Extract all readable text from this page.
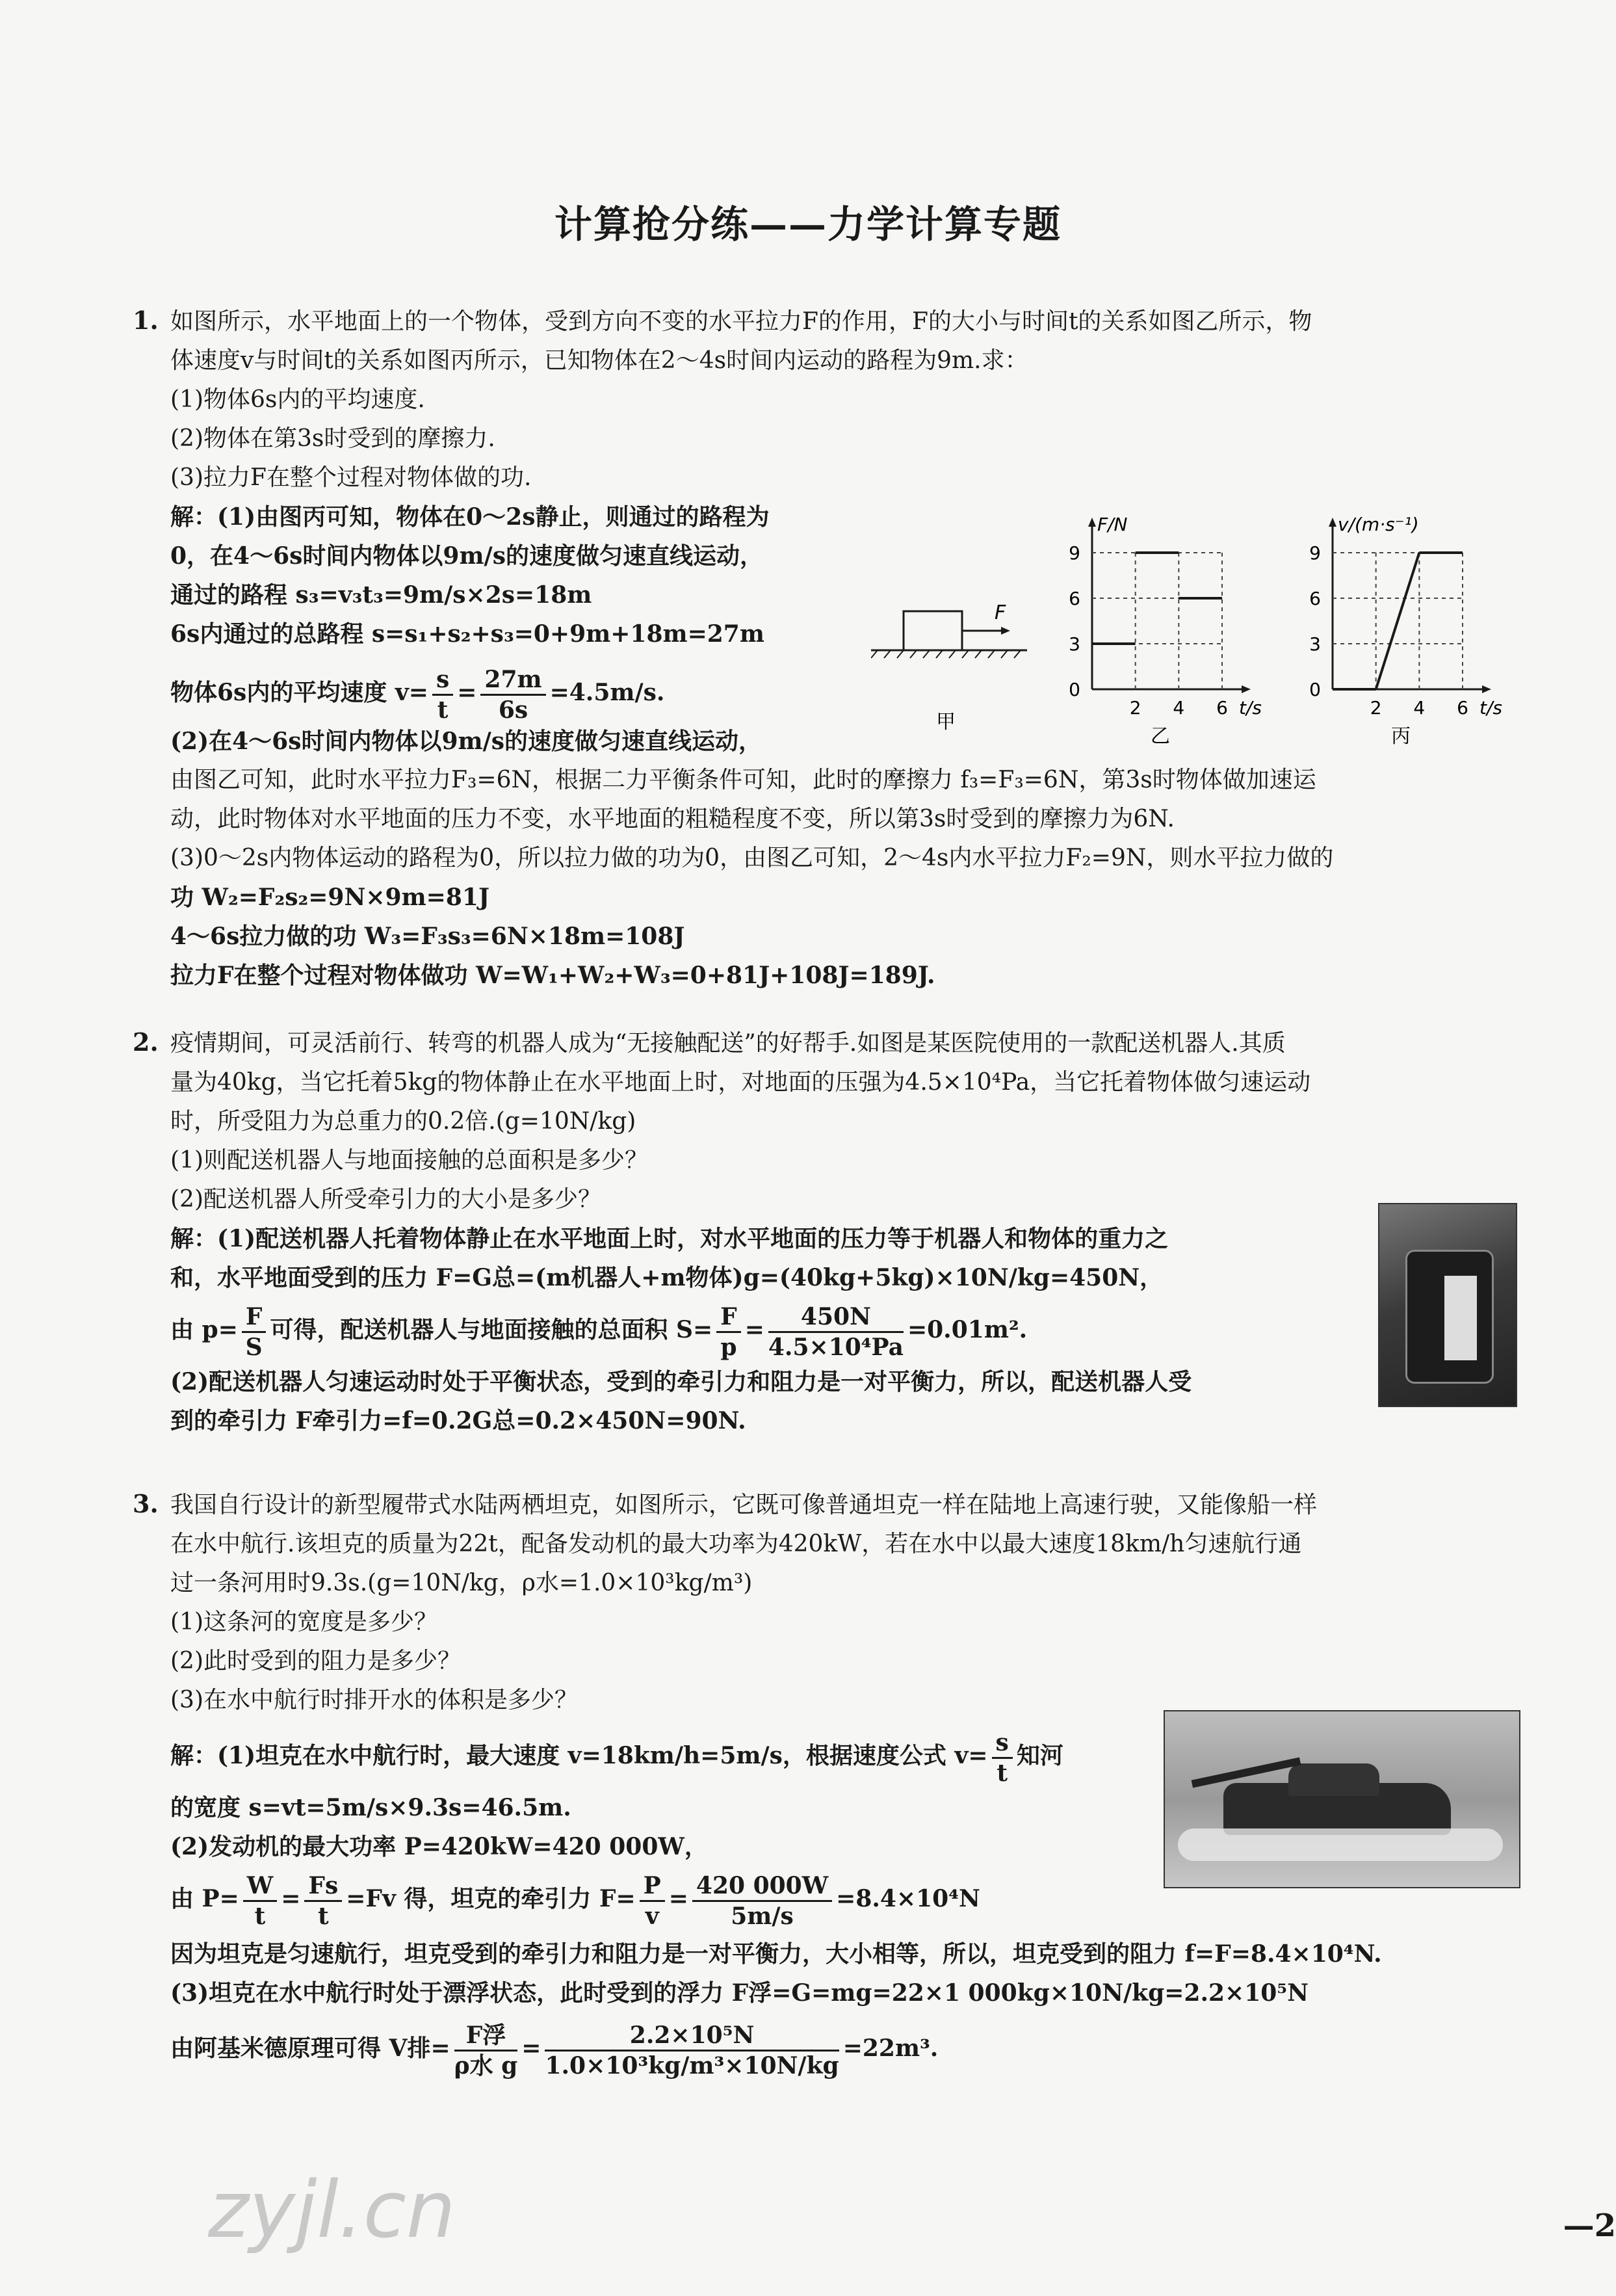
计算抢分练——力学计算专题
1. 如图所示，水平地面上的一个物体，受到方向不变的水平拉力F的作用，F的大小与时间t的关系如图乙所示，物
体速度v与时间t的关系如图丙所示，已知物体在2～4s时间内运动的路程为9m.求：
(1)物体6s内的平均速度.
(2)物体在第3s时受到的摩擦力.
(3)拉力F在整个过程对物体做的功.
解：(1)由图丙可知，物体在0～2s静止，则通过的路程为
0，在4～6s时间内物体以9m/s的速度做匀速直线运动，
通过的路程 s₃=v₃t₃=9m/s×2s=18m
6s内通过的总路程 s=s₁+s₂+s₃=0+9m+18m=27m
物体6s内的平均速度 $v= \frac{s}{t} = \frac{27m}{6s} =4.5m/s$.
(2)在4～6s时间内物体以9m/s的速度做匀速直线运动，
由图乙可知，此时水平拉力F₃=6N，根据二力平衡条件可知，此时的摩擦力 f₃=F₃=6N，第3s时物体做加速运
动，此时物体对水平地面的压力不变，水平地面的粗糙程度不变，所以第3s时受到的摩擦力为6N.
(3)0～2s内物体运动的路程为0，所以拉力做的功为0，由图乙可知，2～4s内水平拉力F₂=9N，则水平拉力做的
功 W₂=F₂s₂=9N×9m=81J
4～6s拉力做的功 W₃=F₃s₃=6N×18m=108J
拉力F在整个过程对物体做功 W=W₁+W₂+W₃=0+81J+108J=189J.
F
甲
0
3
6
9
2 4 6
F/N
t/s
乙
0
3
6
9
2 4 6
v/(m·s⁻¹)
t/s
丙
2. 疫情期间，可灵活前行、转弯的机器人成为“无接触配送”的好帮手.如图是某医院使用的一款配送机器人.其质
量为40kg，当它托着5kg的物体静止在水平地面上时，对地面的压强为4.5×10⁴Pa，当它托着物体做匀速运动
时，所受阻力为总重力的0.2倍.(g=10N/kg)
(1)则配送机器人与地面接触的总面积是多少？
(2)配送机器人所受牵引力的大小是多少？
解：(1)配送机器人托着物体静止在水平地面上时，对水平地面的压力等于机器人和物体的重力之
和，水平地面受到的压力 F=G总=(m机器人+m物体)g=(40kg+5kg)×10N/kg=450N，
由 $p= \frac{F}{S}$ 可得，配送机器人与地面接触的总面积 $S= \frac{F}{p} = \frac{450N}{\text{4.5×10⁴Pa}} =0.01m^2$.
(2)配送机器人匀速运动时处于平衡状态，受到的牵引力和阻力是一对平衡力，所以，配送机器人受
到的牵引力 F牵引力=f=0.2G总=0.2×450N=90N.
3. 我国自行设计的新型履带式水陆两栖坦克，如图所示，它既可像普通坦克一样在陆地上高速行驶，又能像船一样
在水中航行.该坦克的质量为22t，配备发动机的最大功率为420kW，若在水中以最大速度18km/h匀速航行通
过一条河用时9.3s.(g=10N/kg，ρ水=1.0×10³kg/m³)
(1)这条河的宽度是多少？
(2)此时受到的阻力是多少？
(3)在水中航行时排开水的体积是多少？
解：(1)坦克在水中航行时，最大速度 v=18km/h=5m/s，根据速度公式 $v= \frac{s}{t}$ 知河
的宽度 s=vt=5m/s×9.3s=46.5m.
(2)发动机的最大功率 P=420kW=420 000W，
由 $P= \frac{W}{t} = \frac{Fs}{t} =Fv$ 得，坦克的牵引力 $F= \frac{P}{v} = \frac{420 000W}{5m/s} =8.4\times 10^4N$
因为坦克是匀速航行，坦克受到的牵引力和阻力是一对平衡力，大小相等，所以，坦克受到的阻力 f=F=8.4×10⁴N.
(3)坦克在水中航行时处于漂浮状态，此时受到的浮力 F浮=G=mg=22×1 000kg×10N/kg=2.2×10⁵N
由阿基米德原理可得 V排= $\frac{\text{F浮}}{\text{ρ水 g}} = \frac{\text{2.2×10⁵N}}{\text{1.0×10³kg/m³×10N/kg}} =22m^3$.
zyjl.cn	—2
